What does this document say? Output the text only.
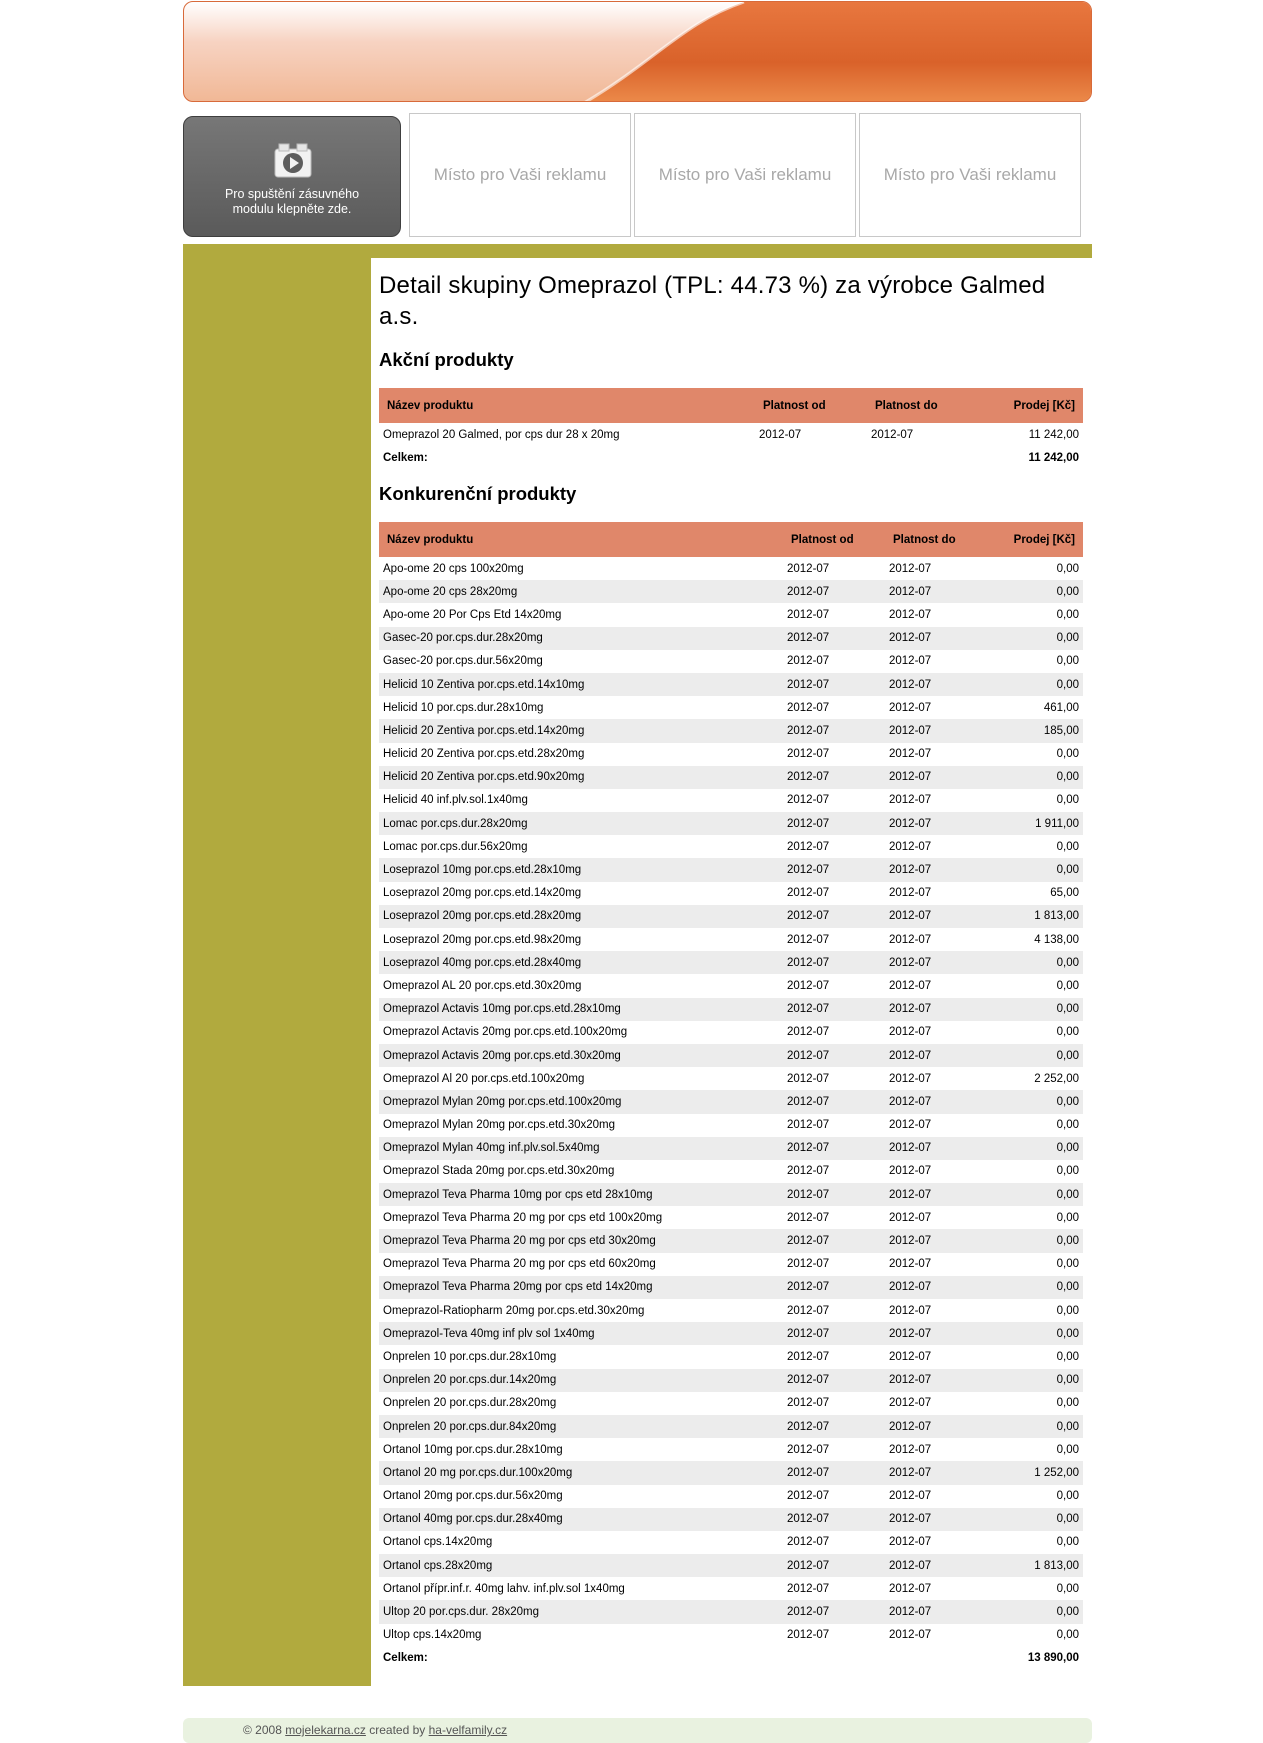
Pro spuštění zásuvného modulu klepněte zde.
Místo pro Vaši reklamu	Místo pro Vaši reklamu	Místo pro Vaši reklamu
Detail skupiny Omeprazol (TPL: 44.73 %) za výrobce Galmed a.s.
Akční produkty
Název produktu	Platnost od	Platnost do	Prodej [Kč]
Omeprazol 20 Galmed, por cps dur 28 x 20mg	2012-07	2012-07	11 242,00
Celkem:			11 242,00
Konkurenční produkty
Název produktu	Platnost od	Platnost do	Prodej [Kč]
Apo-ome 20 cps 100x20mg	2012-07	2012-07	0,00
Apo-ome 20 cps 28x20mg	2012-07	2012-07	0,00
Apo-ome 20 Por Cps Etd 14x20mg	2012-07	2012-07	0,00
Gasec-20 por.cps.dur.28x20mg	2012-07	2012-07	0,00
Gasec-20 por.cps.dur.56x20mg	2012-07	2012-07	0,00
Helicid 10 Zentiva por.cps.etd.14x10mg	2012-07	2012-07	0,00
Helicid 10 por.cps.dur.28x10mg	2012-07	2012-07	461,00
Helicid 20 Zentiva por.cps.etd.14x20mg	2012-07	2012-07	185,00
Helicid 20 Zentiva por.cps.etd.28x20mg	2012-07	2012-07	0,00
Helicid 20 Zentiva por.cps.etd.90x20mg	2012-07	2012-07	0,00
Helicid 40 inf.plv.sol.1x40mg	2012-07	2012-07	0,00
Lomac por.cps.dur.28x20mg	2012-07	2012-07	1 911,00
Lomac por.cps.dur.56x20mg	2012-07	2012-07	0,00
Loseprazol 10mg por.cps.etd.28x10mg	2012-07	2012-07	0,00
Loseprazol 20mg por.cps.etd.14x20mg	2012-07	2012-07	65,00
Loseprazol 20mg por.cps.etd.28x20mg	2012-07	2012-07	1 813,00
Loseprazol 20mg por.cps.etd.98x20mg	2012-07	2012-07	4 138,00
Loseprazol 40mg por.cps.etd.28x40mg	2012-07	2012-07	0,00
Omeprazol AL 20 por.cps.etd.30x20mg	2012-07	2012-07	0,00
Omeprazol Actavis 10mg por.cps.etd.28x10mg	2012-07	2012-07	0,00
Omeprazol Actavis 20mg por.cps.etd.100x20mg	2012-07	2012-07	0,00
Omeprazol Actavis 20mg por.cps.etd.30x20mg	2012-07	2012-07	0,00
Omeprazol Al 20 por.cps.etd.100x20mg	2012-07	2012-07	2 252,00
Omeprazol Mylan 20mg por.cps.etd.100x20mg	2012-07	2012-07	0,00
Omeprazol Mylan 20mg por.cps.etd.30x20mg	2012-07	2012-07	0,00
Omeprazol Mylan 40mg inf.plv.sol.5x40mg	2012-07	2012-07	0,00
Omeprazol Stada 20mg por.cps.etd.30x20mg	2012-07	2012-07	0,00
Omeprazol Teva Pharma 10mg por cps etd 28x10mg	2012-07	2012-07	0,00
Omeprazol Teva Pharma 20 mg por cps etd 100x20mg	2012-07	2012-07	0,00
Omeprazol Teva Pharma 20 mg por cps etd 30x20mg	2012-07	2012-07	0,00
Omeprazol Teva Pharma 20 mg por cps etd 60x20mg	2012-07	2012-07	0,00
Omeprazol Teva Pharma 20mg por cps etd 14x20mg	2012-07	2012-07	0,00
Omeprazol-Ratiopharm 20mg por.cps.etd.30x20mg	2012-07	2012-07	0,00
Omeprazol-Teva 40mg inf plv sol 1x40mg	2012-07	2012-07	0,00
Onprelen 10 por.cps.dur.28x10mg	2012-07	2012-07	0,00
Onprelen 20 por.cps.dur.14x20mg	2012-07	2012-07	0,00
Onprelen 20 por.cps.dur.28x20mg	2012-07	2012-07	0,00
Onprelen 20 por.cps.dur.84x20mg	2012-07	2012-07	0,00
Ortanol 10mg por.cps.dur.28x10mg	2012-07	2012-07	0,00
Ortanol 20 mg por.cps.dur.100x20mg	2012-07	2012-07	1 252,00
Ortanol 20mg por.cps.dur.56x20mg	2012-07	2012-07	0,00
Ortanol 40mg por.cps.dur.28x40mg	2012-07	2012-07	0,00
Ortanol cps.14x20mg	2012-07	2012-07	0,00
Ortanol cps.28x20mg	2012-07	2012-07	1 813,00
Ortanol přípr.inf.r. 40mg lahv. inf.plv.sol 1x40mg	2012-07	2012-07	0,00
Ultop 20 por.cps.dur. 28x20mg	2012-07	2012-07	0,00
Ultop cps.14x20mg	2012-07	2012-07	0,00
Celkem:			13 890,00
© 2008 mojelekarna.cz created by ha-velfamily.cz
